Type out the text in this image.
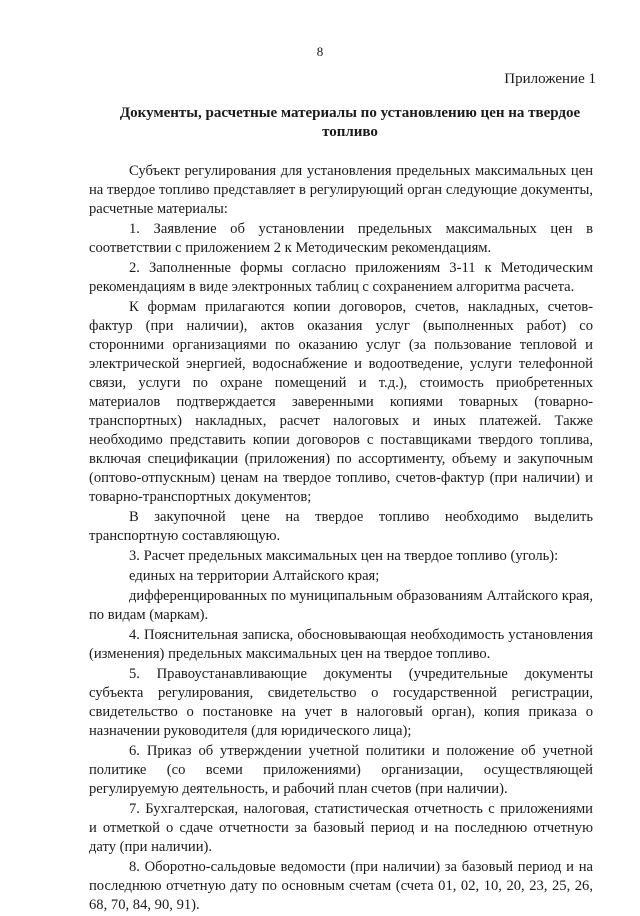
8
Приложение 1
Документы, расчетные материалы по установлению цен на твердое топливо

Субъект регулирования для установления предельных максимальных цен на твердое топливо представляет в регулирующий орган следующие документы, расчетные материалы:

1. Заявление об установлении предельных максимальных цен в соответствии с приложением 2 к Методическим рекомендациям.

2. Заполненные формы согласно приложениям 3-11 к Методическим рекомендациям в виде электронных таблиц с сохранением алгоритма расчета.

К формам прилагаются копии договоров, счетов, накладных, счетов-фактур (при наличии), актов оказания услуг (выполненных работ) со сторонними организациями по оказанию услуг (за пользование тепловой и электрической энергией, водоснабжение и водоотведение, услуги телефонной связи, услуги по охране помещений и т.д.), стоимость приобретенных материалов подтверждается заверенными копиями товарных (товарно-транспортных) накладных, расчет налоговых и иных платежей. Также необходимо представить копии договоров с поставщиками твердого топлива, включая спецификации (приложения) по ассортименту, объему и закупочным (оптово-отпускным) ценам на твердое топливо, счетов-фактур (при наличии) и товарно-транспортных документов;

В закупочной цене на твердое топливо необходимо выделить транспортную составляющую.

3. Расчет предельных максимальных цен на твердое топливо (уголь):

единых на территории Алтайского края;

дифференцированных по муниципальным образованиям Алтайского края, по видам (маркам).

4. Пояснительная записка, обосновывающая необходимость установления (изменения) предельных максимальных цен на твердое топливо.

5. Правоустанавливающие документы (учредительные документы субъекта регулирования, свидетельство о государственной регистрации, свидетельство о постановке на учет в налоговый орган), копия приказа о назначении руководителя (для юридического лица);

6. Приказ об утверждении учетной политики и положение об учетной политике (со всеми приложениями) организации, осуществляющей регулируемую деятельность, и рабочий план счетов (при наличии).

7. Бухгалтерская, налоговая, статистическая отчетность с приложениями и отметкой о сдаче отчетности за базовый период и на последнюю отчетную дату (при наличии).

8. Оборотно-сальдовые ведомости (при наличии) за базовый период и на последнюю отчетную дату по основным счетам (счета 01, 02, 10, 20, 23, 25, 26, 68, 70, 84, 90, 91).
